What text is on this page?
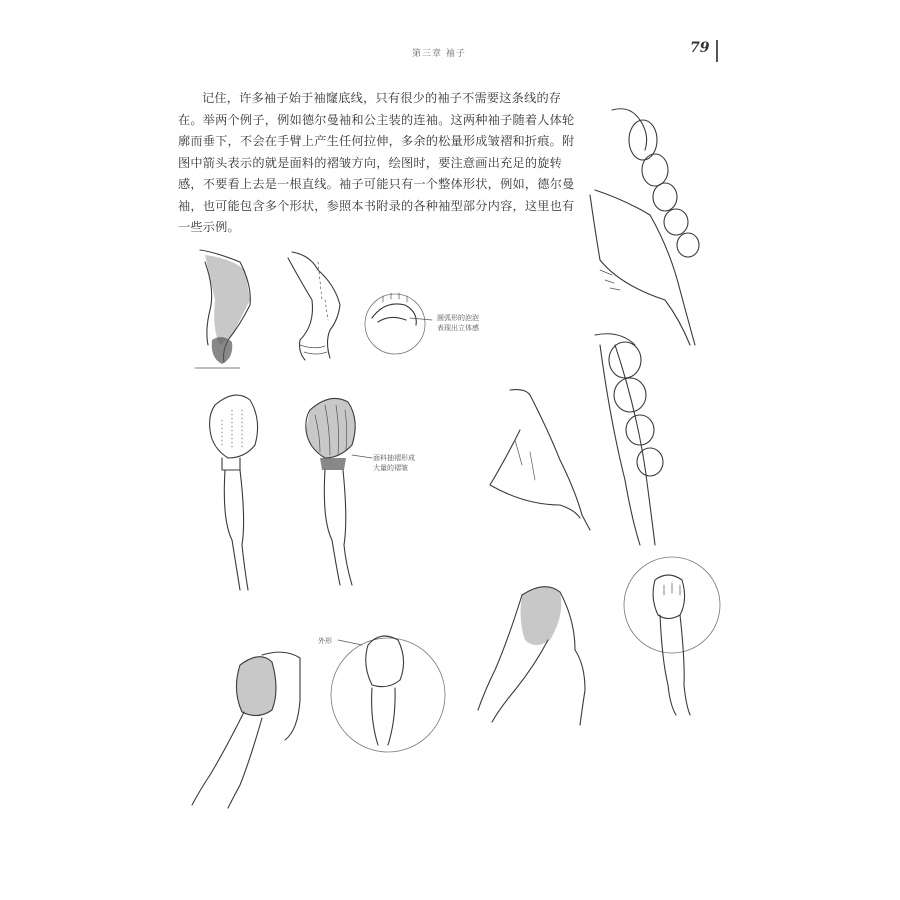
第三章 袖子	79
记住，许多袖子始于袖窿底线，只有很少的袖子不需要这条线的存在。举两个例子，例如德尔曼袖和公主装的连袖。这两种袖子随着人体轮廓而垂下，不会在手臂上产生任何拉伸，多余的松量形成皱褶和折痕。附图中箭头表示的就是面料的褶皱方向，绘图时，要注意画出充足的旋转感，不要看上去是一根直线。袖子可能只有一个整体形状，例如，德尔曼袖，也可能包含多个形状，参照本书附录的各种袖型部分内容，这里也有一些示例。
圆弧形的泡泡
表现出立体感
面料抽褶形成
大量的褶皱
外形
